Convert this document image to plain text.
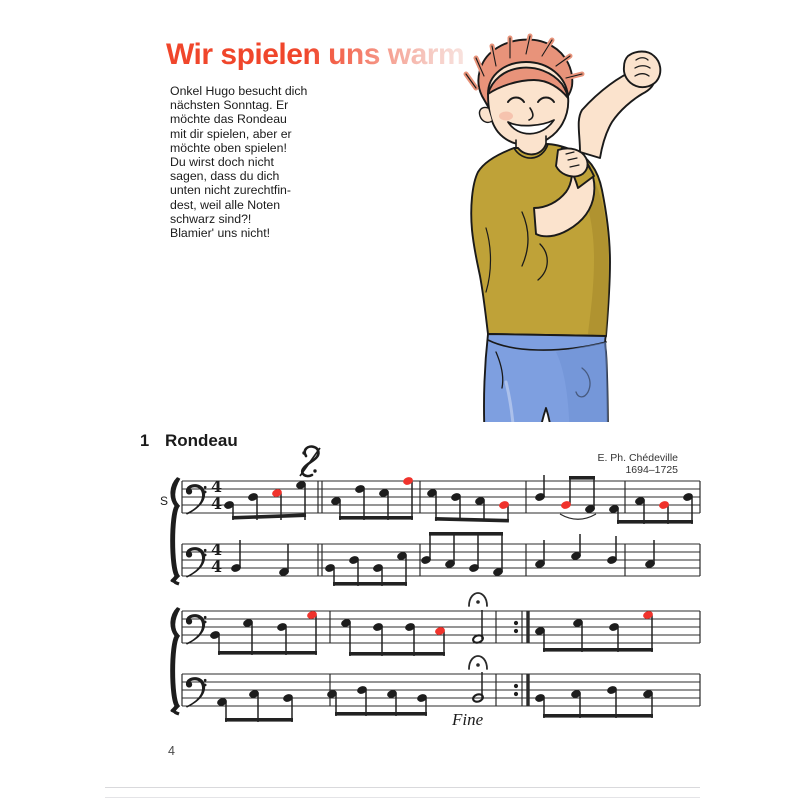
Wir spielen uns warm
Onkel Hugo besucht dich
nächsten Sonntag. Er
möchte das Rondeau
mit dir spielen, aber er
möchte oben spielen!
Du wirst doch nicht
sagen, dass du dich
unten nicht zurechtfin-
dest, weil alle Noten
schwarz sind?!
Blamier' uns nicht!
1 Rondeau
E. Ph. Chédeville
1694–1725
S
4
4
4
4
Fine
4
